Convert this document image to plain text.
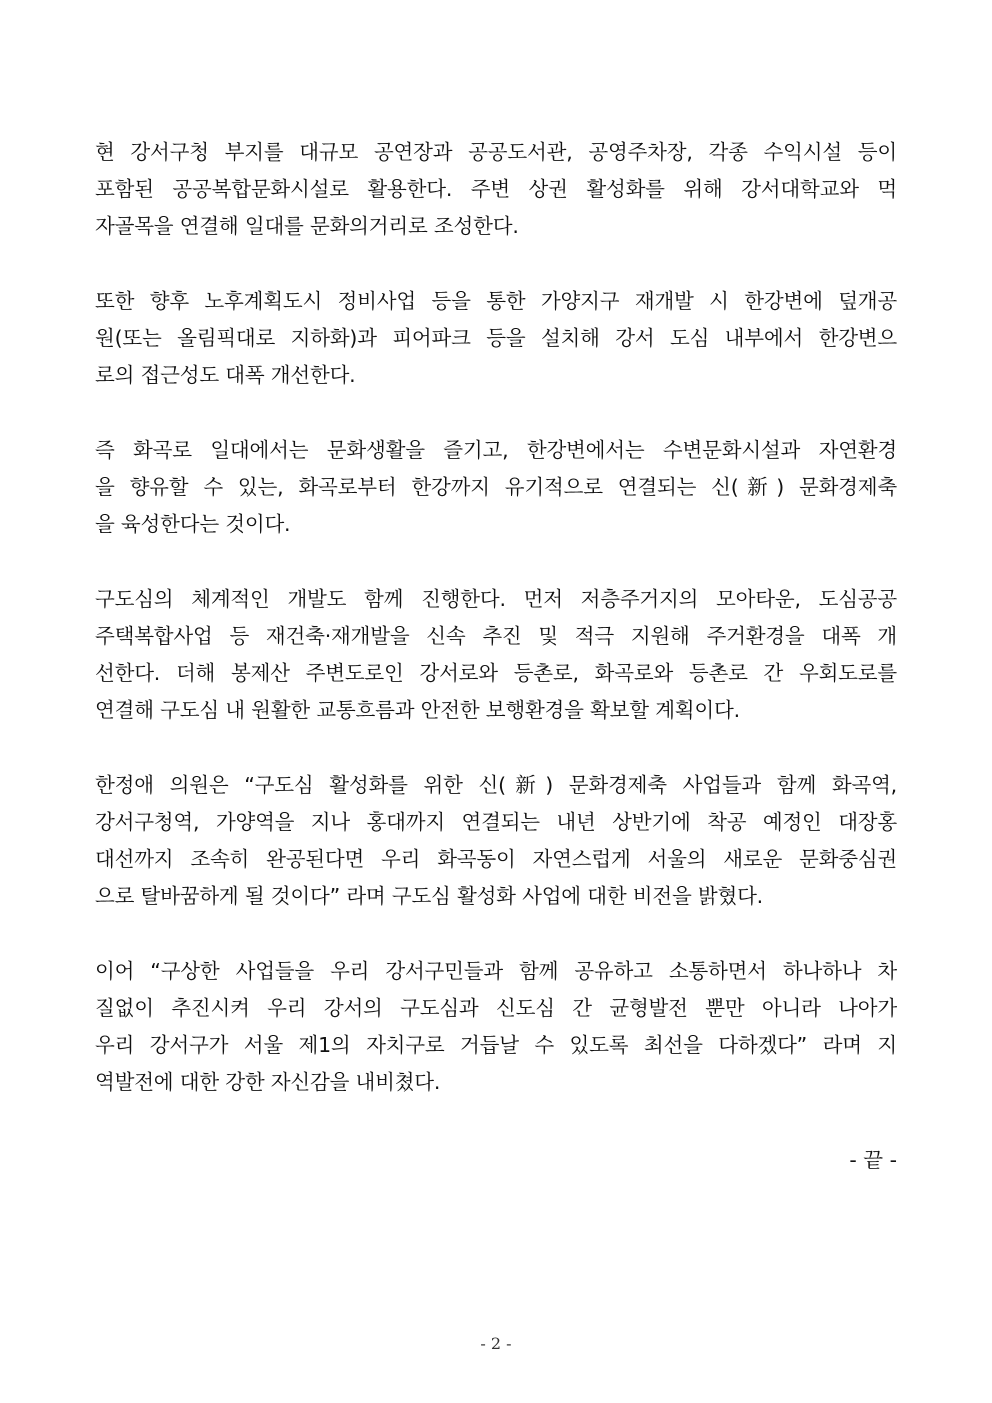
현 강서구청 부지를 대규모 공연장과 공공도서관, 공영주차장, 각종 수익시설 등이
포함된 공공복합문화시설로 활용한다. 주변 상권 활성화를 위해 강서대학교와 먹
자골목을 연결해 일대를 문화의거리로 조성한다.

또한 향후 노후계획도시 정비사업 등을 통한 가양지구 재개발 시 한강변에 덮개공
원(또는 올림픽대로 지하화)과 피어파크 등을 설치해 강서 도심 내부에서 한강변으
로의 접근성도 대폭 개선한다.

즉 화곡로 일대에서는 문화생활을 즐기고, 한강변에서는 수변문화시설과 자연환경
을 향유할 수 있는, 화곡로부터 한강까지 유기적으로 연결되는 신(新) 문화경제축
을 육성한다는 것이다.

구도심의 체계적인 개발도 함께 진행한다. 먼저 저층주거지의 모아타운, 도심공공
주택복합사업 등 재건축·재개발을 신속 추진 및 적극 지원해 주거환경을 대폭 개
선한다. 더해 봉제산 주변도로인 강서로와 등촌로, 화곡로와 등촌로 간 우회도로를
연결해 구도심 내 원활한 교통흐름과 안전한 보행환경을 확보할 계획이다.

한정애 의원은 “구도심 활성화를 위한 신(新) 문화경제축 사업들과 함께 화곡역,
강서구청역, 가양역을 지나 홍대까지 연결되는 내년 상반기에 착공 예정인 대장홍
대선까지 조속히 완공된다면 우리 화곡동이 자연스럽게 서울의 새로운 문화중심권
으로 탈바꿈하게 될 것이다” 라며 구도심 활성화 사업에 대한 비전을 밝혔다.

이어 “구상한 사업들을 우리 강서구민들과 함께 공유하고 소통하면서 하나하나 차
질없이 추진시켜 우리 강서의 구도심과 신도심 간 균형발전 뿐만 아니라 나아가
우리 강서구가 서울 제1의 자치구로 거듭날 수 있도록 최선을 다하겠다” 라며 지
역발전에 대한 강한 자신감을 내비쳤다.

- 끝 -
- 2 -
